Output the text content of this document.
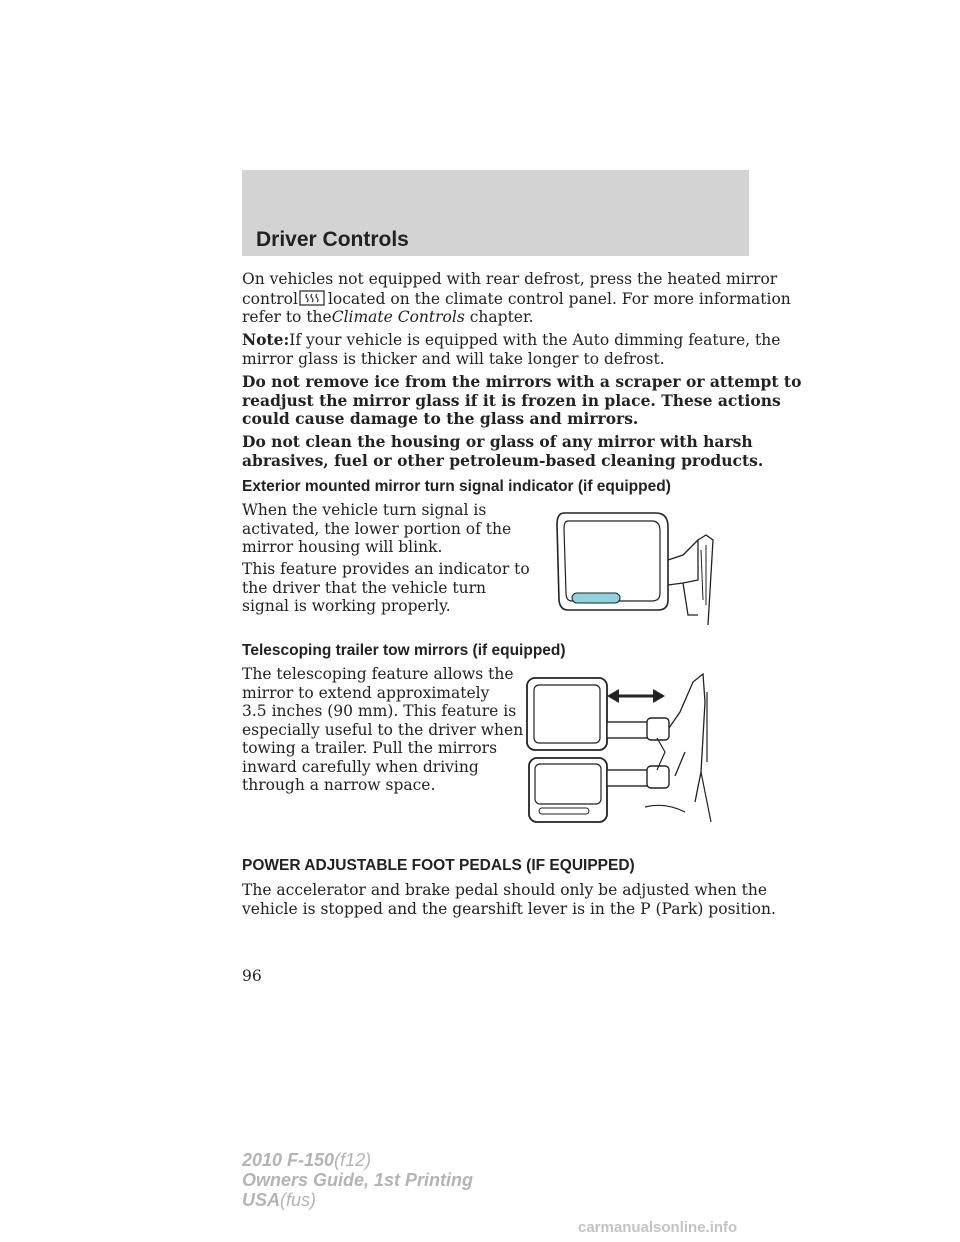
Driver Controls
On vehicles not equipped with rear defrost, press the heated mirror
control located on the climate control panel. For more information
refer to theClimate Controls chapter.
Note:If your vehicle is equipped with the Auto dimming feature, the
mirror glass is thicker and will take longer to defrost.
Do not remove ice from the mirrors with a scraper or attempt to
readjust the mirror glass if it is frozen in place. These actions
could cause damage to the glass and mirrors.
Do not clean the housing or glass of any mirror with harsh
abrasives, fuel or other petroleum-based cleaning products.
Exterior mounted mirror turn signal indicator (if equipped)
When the vehicle turn signal is
activated, the lower portion of the
mirror housing will blink.
This feature provides an indicator to
the driver that the vehicle turn
signal is working properly.
Telescoping trailer tow mirrors (if equipped)
The telescoping feature allows the
mirror to extend approximately
3.5 inches (90 mm). This feature is
especially useful to the driver when
towing a trailer. Pull the mirrors
inward carefully when driving
through a narrow space.
POWER ADJUSTABLE FOOT PEDALS (IF EQUIPPED)
The accelerator and brake pedal should only be adjusted when the
vehicle is stopped and the gearshift lever is in the P (Park) position.
96
2010 F-150(f12)
Owners Guide, 1st Printing
USA(fus)
carmanualsonline.info
